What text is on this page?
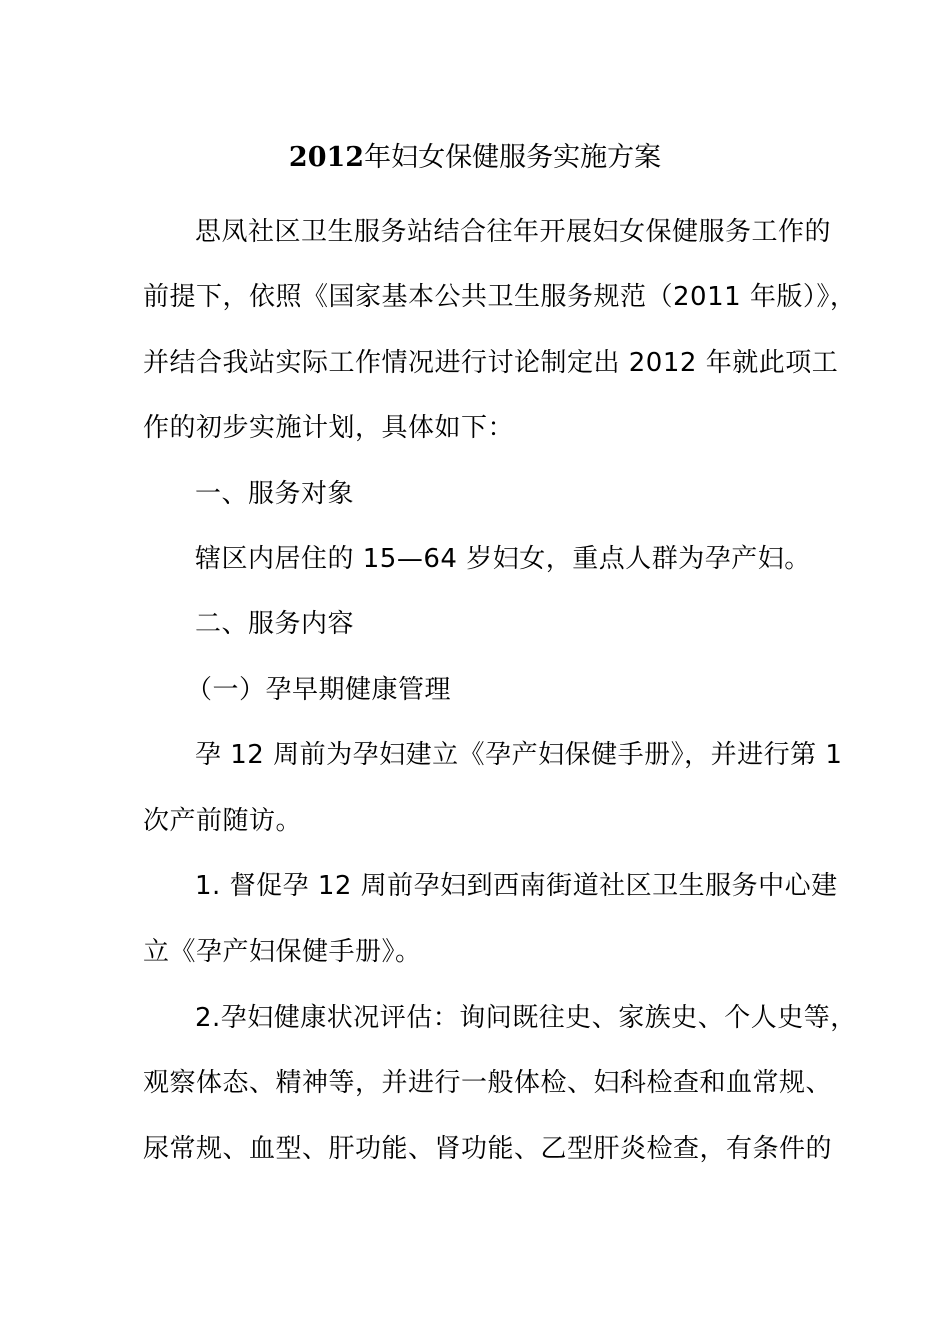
2012年妇女保健服务实施方案
思凤社区卫生服务站结合往年开展妇女保健服务工作的
前提下，依照《国家基本公共卫生服务规范（2011 年版）》，
并结合我站实际工作情况进行讨论制定出 2012 年就此项工
作的初步实施计划，具体如下：
一、服务对象
辖区内居住的 15—64 岁妇女，重点人群为孕产妇。
二、服务内容
（一）孕早期健康管理
孕 12 周前为孕妇建立《孕产妇保健手册》，并进行第 1
次产前随访。
1. 督促孕 12 周前孕妇到西南街道社区卫生服务中心建
立《孕产妇保健手册》。
2.孕妇健康状况评估：询问既往史、家族史、个人史等，
观察体态、精神等，并进行一般体检、妇科检查和血常规、
尿常规、血型、肝功能、肾功能、乙型肝炎检查，有条件的
